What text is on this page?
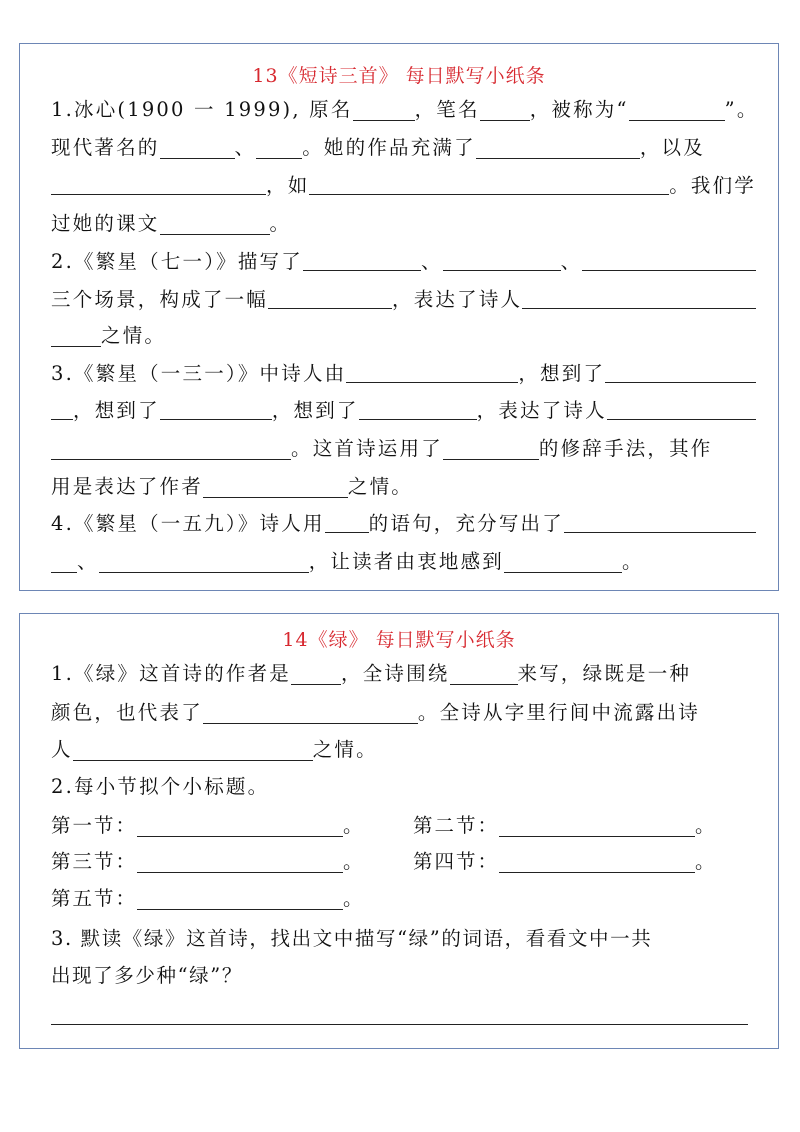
13《短诗三首》 每日默写小纸条
1.冰心(1900 一 1999), 原名	，笔名	，被称为“	”。
现代著名的	、 。她的作品充满了	，以及
，如	。我们学
过她的课文	。
2.《繁星（七一）》描写了	、	、
三个场景，构成了一幅	，表达了诗人
之情。
3.《繁星（一三一）》中诗人由	，想到了
，想到了	，想到了	，表达了诗人
。这首诗运用了	的修辞手法，其作
用是表达了作者	之情。
4.《繁星（一五九）》诗人用 的语句，充分写出了
、	，让读者由衷地感到	。
14《绿》 每日默写小纸条
1.《绿》这首诗的作者是	，全诗围绕	来写，绿既是一种
颜色，也代表了	。全诗从字里行间中流露出诗
人	之情。
2.每小节拟个小标题。
第一节：	。 第二节：	。
第三节：	。 第四节：	。
第五节：	。
3. 默读《绿》这首诗，找出文中描写“绿”的词语，看看文中一共
出现了多少种“绿”？
